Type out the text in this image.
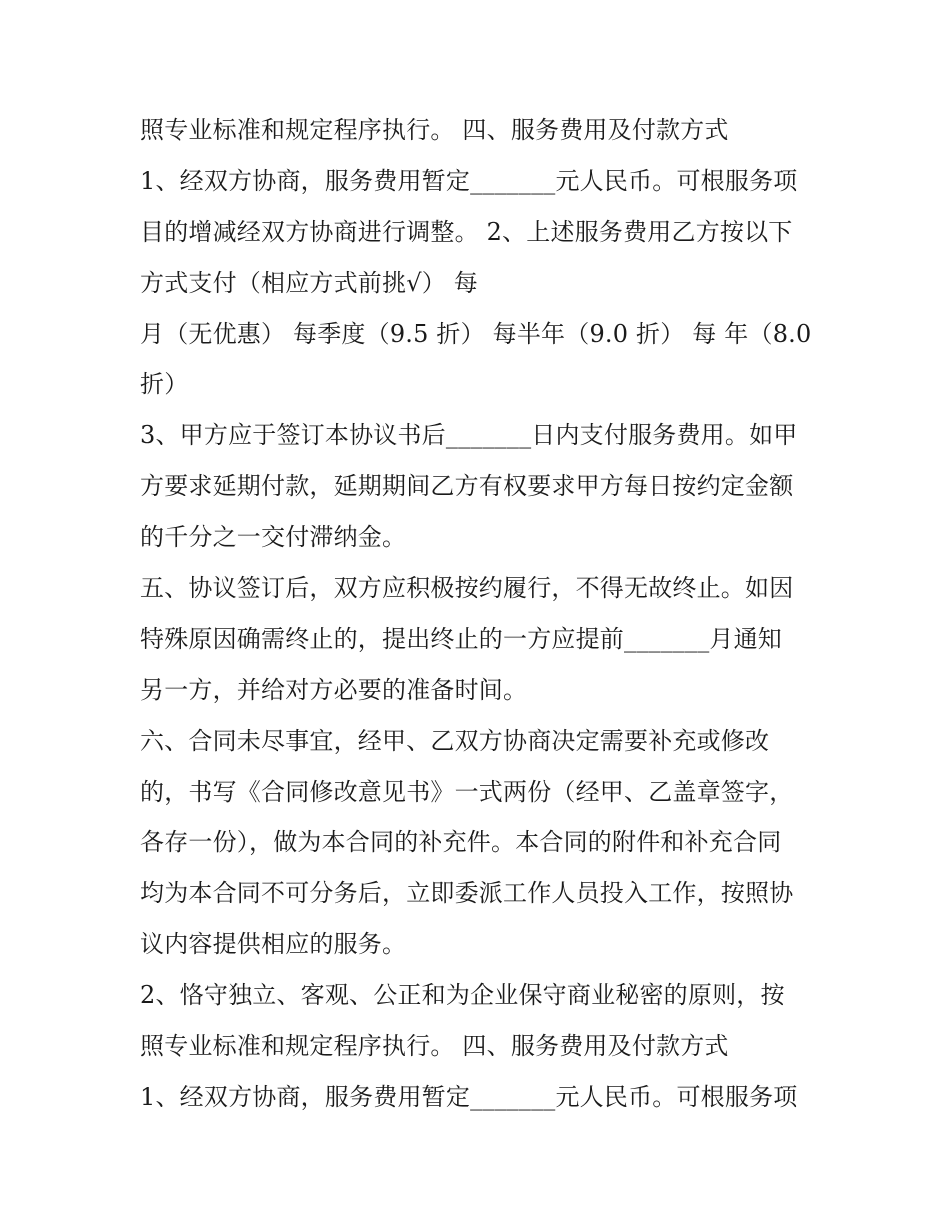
照专业标准和规定程序执行。 四、服务费用及付款方式
1、经双方协商，服务费用暂定_______元人民币。可根服务项
目的增减经双方协商进行调整。 2、上述服务费用乙方按以下
方式支付（相应方式前挑√） 每
月（无优惠） 每季度（9.5 折） 每半年（9.0 折） 每 年（8.0
折）
3、甲方应于签订本协议书后_______日内支付服务费用。如甲
方要求延期付款，延期期间乙方有权要求甲方每日按约定金额
的千分之一交付滞纳金。
五、协议签订后，双方应积极按约履行，不得无故终止。如因
特殊原因确需终止的，提出终止的一方应提前_______月通知
另一方，并给对方必要的准备时间。
六、合同未尽事宜，经甲、乙双方协商决定需要补充或修改
的，书写《合同修改意见书》一式两份（经甲、乙盖章签字，
各存一份），做为本合同的补充件。本合同的附件和补充合同
均为本合同不可分务后，立即委派工作人员投入工作，按照协
议内容提供相应的服务。
2、恪守独立、客观、公正和为企业保守商业秘密的原则，按
照专业标准和规定程序执行。 四、服务费用及付款方式
1、经双方协商，服务费用暂定_______元人民币。可根服务项
